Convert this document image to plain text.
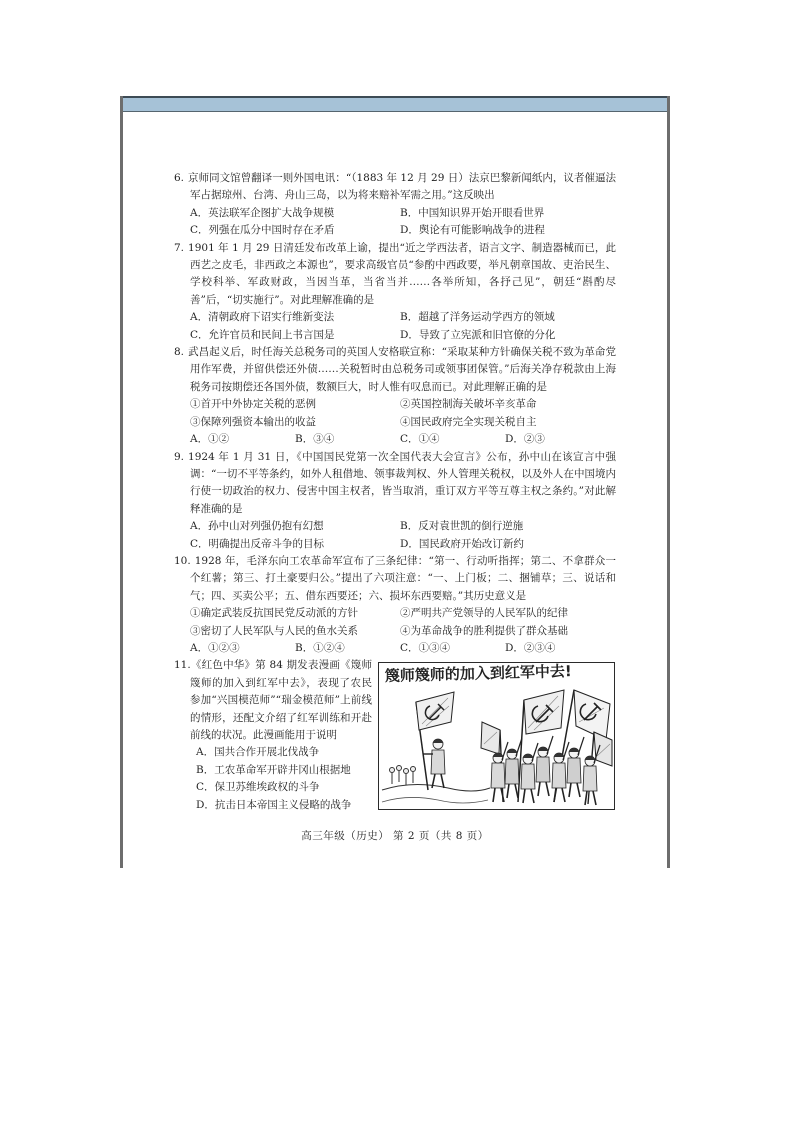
6. 京师同文馆曾翻译一则外国电讯：“（1883 年 12 月 29 日）法京巴黎新闻纸内，议者催逼法军占据琼州、台湾、舟山三岛，以为将来赔补军需之用。”这反映出

A．英法联军企图扩大战争规模	B．中国知识界开始开眼看世界
C．列强在瓜分中国时存在矛盾	D．舆论有可能影响战争的进程

7. 1901 年 1 月 29 日清廷发布改革上谕，提出“近之学西法者，语言文字、制造器械而已，此西艺之皮毛，非西政之本源也”，要求高级官员“参酌中西政要，举凡朝章国故、吏治民生、学校科举、军政财政，当因当革，当省当并……各举所知，各抒己见”，朝廷“斟酌尽善”后，“切实施行”。对此理解准确的是

A．清朝政府下诏实行维新变法	B．超越了洋务运动学西方的领域
C．允许官员和民间上书言国是	D．导致了立宪派和旧官僚的分化

8. 武昌起义后，时任海关总税务司的英国人安格联宣称：“采取某种方针确保关税不致为革命党用作军费，并留供偿还外债……关税暂时由总税务司或领事团保管。”后海关净存税款由上海税务司按期偿还各国外债，数额巨大，时人惟有叹息而已。对此理解正确的是

①首开中外协定关税的恶例	②英国控制海关破坏辛亥革命
③保障列强资本输出的收益	④国民政府完全实现关税自主
A．①②	B．③④	C．①④	D．②③

9. 1924 年 1 月 31 日，《中国国民党第一次全国代表大会宣言》公布，孙中山在该宣言中强调：“一切不平等条约，如外人租借地、领事裁判权、外人管理关税权，以及外人在中国境内行使一切政治的权力、侵害中国主权者，皆当取消，重订双方平等互尊主权之条约。”对此解释准确的是

A．孙中山对列强仍抱有幻想	B．反对袁世凯的倒行逆施
C．明确提出反帝斗争的目标	D．国民政府开始改订新约

10. 1928 年，毛泽东向工农革命军宣布了三条纪律：“第一、行动听指挥；第二、不拿群众一个红薯；第三、打土豪要归公。”提出了六项注意：“一、上门板；二、捆铺草；三、说话和气；四、买卖公平；五、借东西要还；六、损坏东西要赔。”其历史意义是

①确定武装反抗国民党反动派的方针	②严明共产党领导的人民军队的纪律
③密切了人民军队与人民的鱼水关系	④为革命战争的胜利提供了群众基础
A．①②③	B．①②④	C．①③④	D．②③④

11.《红色中华》第 84 期发表漫画《篾师篾师的加入到红军中去》，表现了农民参加“兴国模范师”“瑞金模范师”上前线的情形，还配文介绍了红军训练和开赴前线的状况。此漫画能用于说明

A．国共合作开展北伐战争
B．工农革命军开辟井冈山根据地
C．保卫苏维埃政权的斗争
D．抗击日本帝国主义侵略的战争
篾师篾师的加入到红军中去!
高三年级（历史） 第 2 页（共 8 页）
